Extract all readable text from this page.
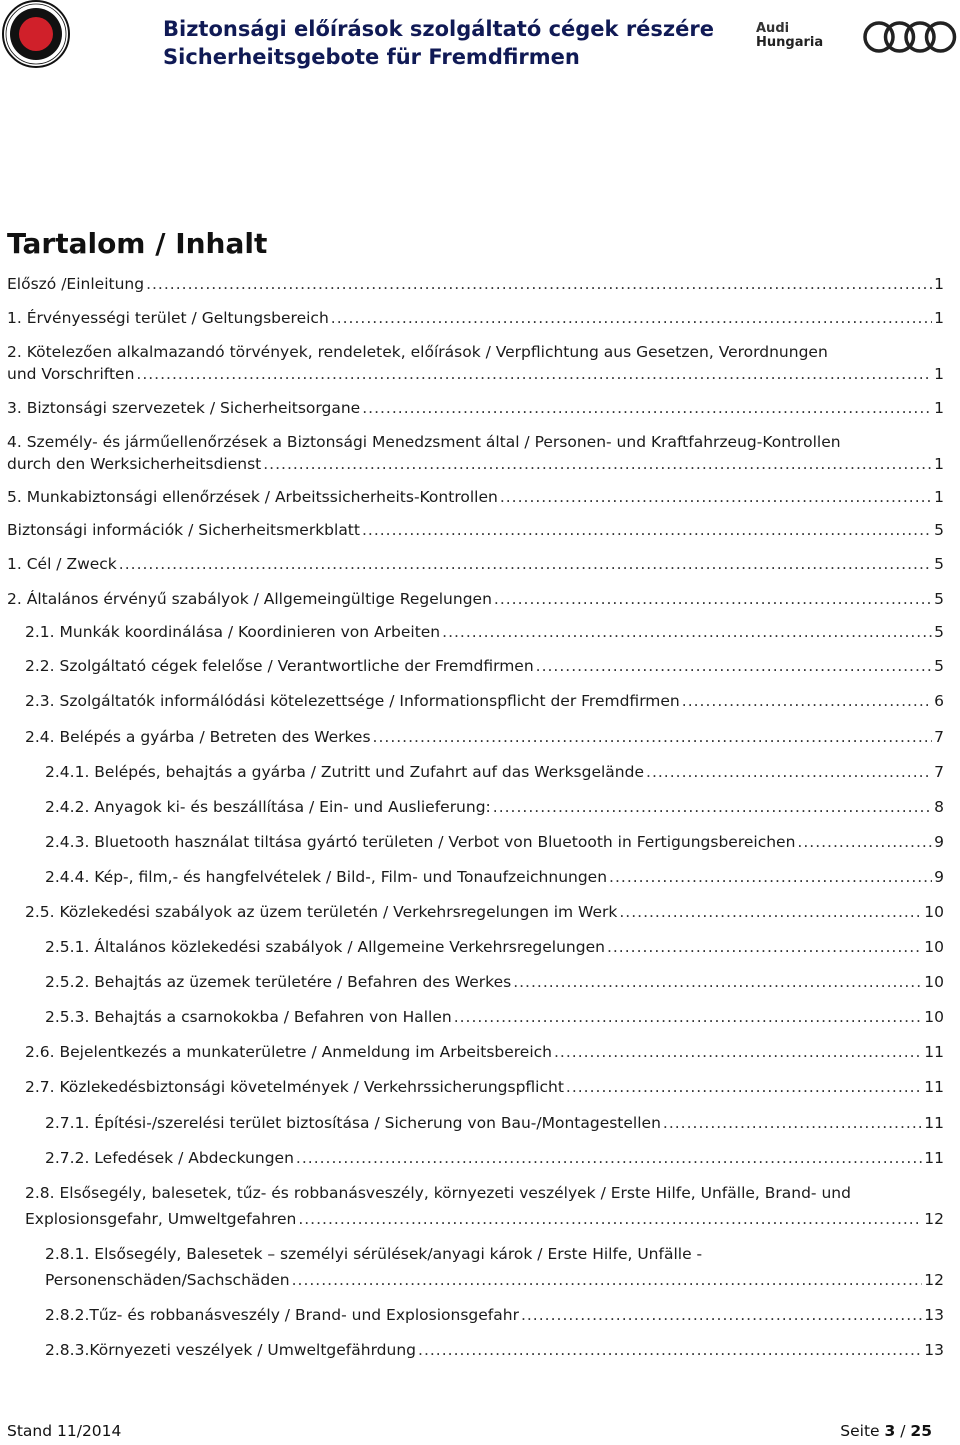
Biztonsági előírások szolgáltató cégek részére
Sicherheitsgebote für Fremdfirmen
Audi
Hungaria
Tartalom / Inhalt
Előszó /Einleitung .....	1
1. Érvényességi terület / Geltungsbereich .....	1
2. Kötelezően alkalmazandó törvények, rendeletek, előírások / Verpflichtung aus Gesetzen, Verordnungen
und Vorschriften .....	1
3. Biztonsági szervezetek / Sicherheitsorgane .....	1
4. Személy- és járműellenőrzések a Biztonsági Menedzsment által / Personen- und Kraftfahrzeug-Kontrollen
durch den Werksicherheitsdienst .....	1
5. Munkabiztonsági ellenőrzések / Arbeitssicherheits-Kontrollen .....	1
Biztonsági információk / Sicherheitsmerkblatt .....	5
1. Cél / Zweck .....	5
2. Általános érvényű szabályok / Allgemeingültige Regelungen .....	5
2.1. Munkák koordinálása / Koordinieren von Arbeiten .....	5
2.2. Szolgáltató cégek felelőse / Verantwortliche der Fremdfirmen .....	5
2.3. Szolgáltatók informálódási kötelezettsége / Informationspflicht der Fremdfirmen .....	6
2.4. Belépés a gyárba / Betreten des Werkes .....	7
2.4.1. Belépés, behajtás a gyárba / Zutritt und Zufahrt auf das Werksgelände .....	7
2.4.2. Anyagok ki- és beszállítása / Ein- und Auslieferung: .....	8
2.4.3. Bluetooth használat tiltása gyártó területen / Verbot von Bluetooth in Fertigungsbereichen .....	9
2.4.4. Kép-, film,- és hangfelvételek / Bild-, Film- und Tonaufzeichnungen .....	9
2.5. Közlekedési szabályok az üzem területén / Verkehrsregelungen im Werk .....	10
2.5.1. Általános közlekedési szabályok / Allgemeine Verkehrsregelungen .....	10
2.5.2. Behajtás az üzemek területére / Befahren des Werkes .....	10
2.5.3. Behajtás a csarnokokba / Befahren von Hallen .....	10
2.6. Bejelentkezés a munkaterületre / Anmeldung im Arbeitsbereich .....	11
2.7. Közlekedésbiztonsági követelmények / Verkehrssicherungspflicht .....	11
2.7.1. Építési-/szerelési terület biztosítása / Sicherung von Bau-/Montagestellen .....	11
2.7.2. Lefedések / Abdeckungen .....	11
2.8. Elsősegély, balesetek, tűz- és robbanásveszély, környezeti veszélyek / Erste Hilfe, Unfälle, Brand- und
Explosionsgefahr, Umweltgefahren .....	12
2.8.1. Elsősegély, Balesetek – személyi sérülések/anyagi károk / Erste Hilfe, Unfälle -
Personenschäden/Sachschäden .....	12
2.8.2.Tűz- és robbanásveszély / Brand- und Explosionsgefahr .....	13
2.8.3.Környezeti veszélyek / Umweltgefährdung .....	13
Stand 11/2014	Seite 3 / 25
